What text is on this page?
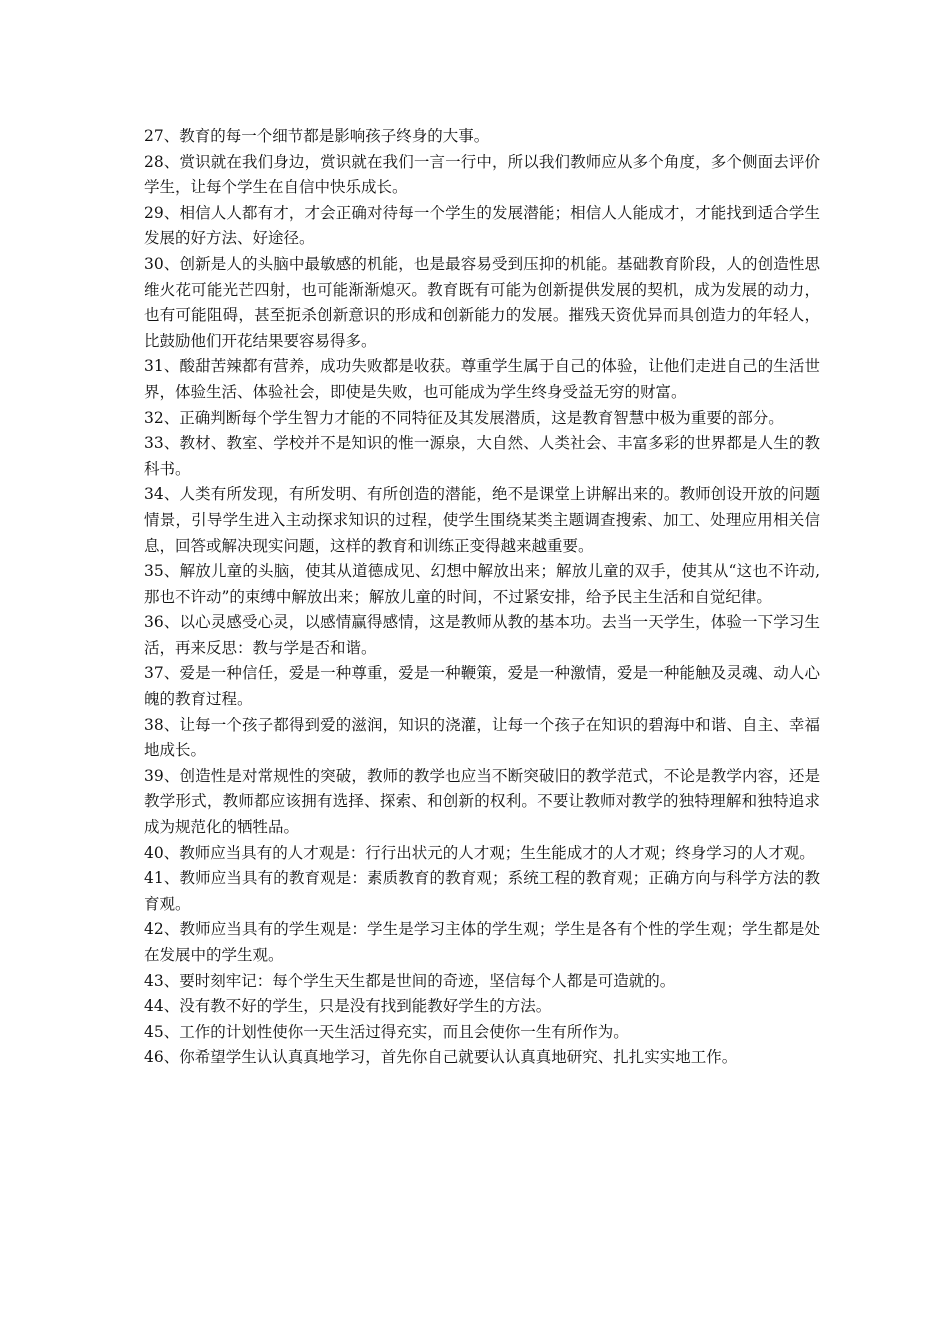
27、教育的每一个细节都是影响孩子终身的大事。

28、赏识就在我们身边，赏识就在我们一言一行中，所以我们教师应从多个角度，多个侧面去评价学生，让每个学生在自信中快乐成长。

29、相信人人都有才，才会正确对待每一个学生的发展潜能；相信人人能成才，才能找到适合学生发展的好方法、好途径。

30、创新是人的头脑中最敏感的机能，也是最容易受到压抑的机能。基础教育阶段，人的创造性思维火花可能光芒四射，也可能渐渐熄灭。教育既有可能为创新提供发展的契机，成为发展的动力，也有可能阻碍，甚至扼杀创新意识的形成和创新能力的发展。摧残天资优异而具创造力的年轻人，比鼓励他们开花结果要容易得多。

31、酸甜苦辣都有营养，成功失败都是收获。尊重学生属于自己的体验，让他们走进自己的生活世界，体验生活、体验社会，即使是失败，也可能成为学生终身受益无穷的财富。

32、正确判断每个学生智力才能的不同特征及其发展潜质，这是教育智慧中极为重要的部分。

33、教材、教室、学校并不是知识的惟一源泉，大自然、人类社会、丰富多彩的世界都是人生的教科书。

34、人类有所发现，有所发明、有所创造的潜能，绝不是课堂上讲解出来的。教师创设开放的问题情景，引导学生进入主动探求知识的过程，使学生围绕某类主题调查搜索、加工、处理应用相关信息，回答或解决现实问题，这样的教育和训练正变得越来越重要。

35、解放儿童的头脑，使其从道德成见、幻想中解放出来；解放儿童的双手，使其从“这也不许动,那也不许动”的束缚中解放出来；解放儿童的时间，不过紧安排，给予民主生活和自觉纪律。

36、以心灵感受心灵，以感情赢得感情，这是教师从教的基本功。去当一天学生，体验一下学习生活，再来反思：教与学是否和谐。

37、爱是一种信任，爱是一种尊重，爱是一种鞭策，爱是一种激情，爱是一种能触及灵魂、动人心魄的教育过程。

38、让每一个孩子都得到爱的滋润，知识的浇灌，让每一个孩子在知识的碧海中和谐、自主、幸福地成长。

39、创造性是对常规性的突破，教师的教学也应当不断突破旧的教学范式，不论是教学内容，还是教学形式，教师都应该拥有选择、探索、和创新的权利。不要让教师对教学的独特理解和独特追求成为规范化的牺牲品。

40、教师应当具有的人才观是：行行出状元的人才观；生生能成才的人才观；终身学习的人才观。

41、教师应当具有的教育观是：素质教育的教育观；系统工程的教育观；正确方向与科学方法的教育观。

42、教师应当具有的学生观是：学生是学习主体的学生观；学生是各有个性的学生观；学生都是处在发展中的学生观。

43、要时刻牢记：每个学生天生都是世间的奇迹，坚信每个人都是可造就的。

44、没有教不好的学生，只是没有找到能教好学生的方法。

45、工作的计划性使你一天生活过得充实，而且会使你一生有所作为。

46、你希望学生认认真真地学习，首先你自己就要认认真真地研究、扎扎实实地工作。
